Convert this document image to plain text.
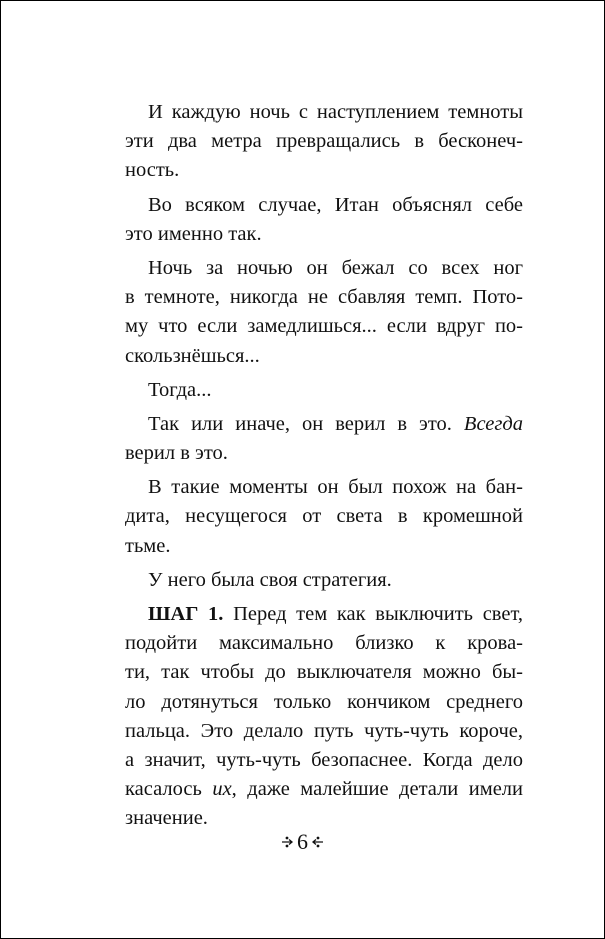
И каждую ночь с наступлением темноты
эти два метра превращались в бесконеч-
ность.

Во всяком случае, Итан объяснял себе
это именно так.

Ночь за ночью он бежал со всех ног
в темноте, никогда не сбавляя темп. Пото-
му что если замедлишься... если вдруг по-
скользнёшься...

Тогда...

Так или иначе, он верил в это. Всегда
верил в это.

В такие моменты он был похож на бан-
дита, несущегося от света в кромешной
тьме.

У него была своя стратегия.

ШАГ 1. Перед тем как выключить свет,
подойти максимально близко к крова-
ти, так чтобы до выключателя можно бы-
ло дотянуться только кончиком среднего
пальца. Это делало путь чуть-чуть короче,
а значит, чуть-чуть безопаснее. Когда дело
касалось их, даже малейшие детали имели
значение.

6
